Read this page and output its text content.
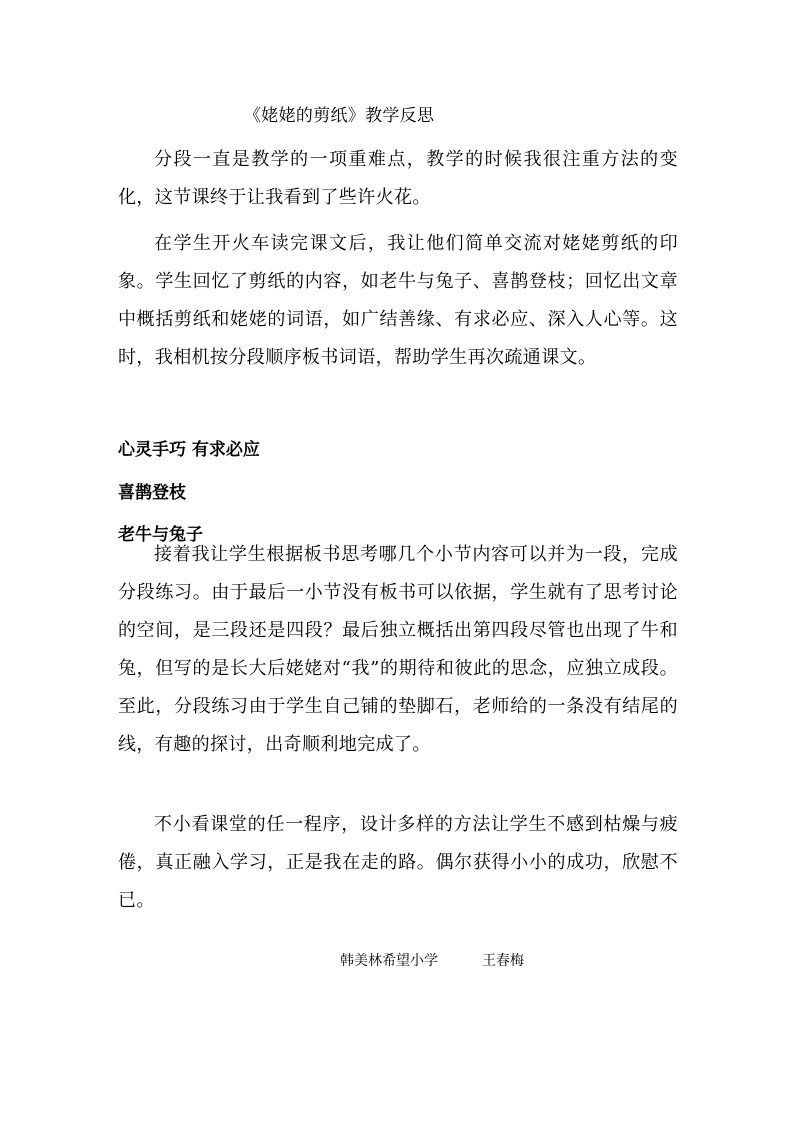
《姥姥的剪纸》教学反思

分段一直是教学的一项重难点，教学的时候我很注重方法的变化，这节课终于让我看到了些许火花。

在学生开火车读完课文后，我让他们简单交流对姥姥剪纸的印象。学生回忆了剪纸的内容，如老牛与兔子、喜鹊登枝；回忆出文章中概括剪纸和姥姥的词语，如广结善缘、有求必应、深入人心等。这时，我相机按分段顺序板书词语，帮助学生再次疏通课文。

心灵手巧 有求必应
喜鹊登枝
老牛与兔子

接着我让学生根据板书思考哪几个小节内容可以并为一段，完成分段练习。由于最后一小节没有板书可以依据，学生就有了思考讨论的空间，是三段还是四段？最后独立概括出第四段尽管也出现了牛和兔，但写的是长大后姥姥对“我”的期待和彼此的思念，应独立成段。至此，分段练习由于学生自己铺的垫脚石，老师给的一条没有结尾的线，有趣的探讨，出奇顺利地完成了。

不小看课堂的任一程序，设计多样的方法让学生不感到枯燥与疲倦，真正融入学习，正是我在走的路。偶尔获得小小的成功，欣慰不已。

韩美林希望小学	王春梅
